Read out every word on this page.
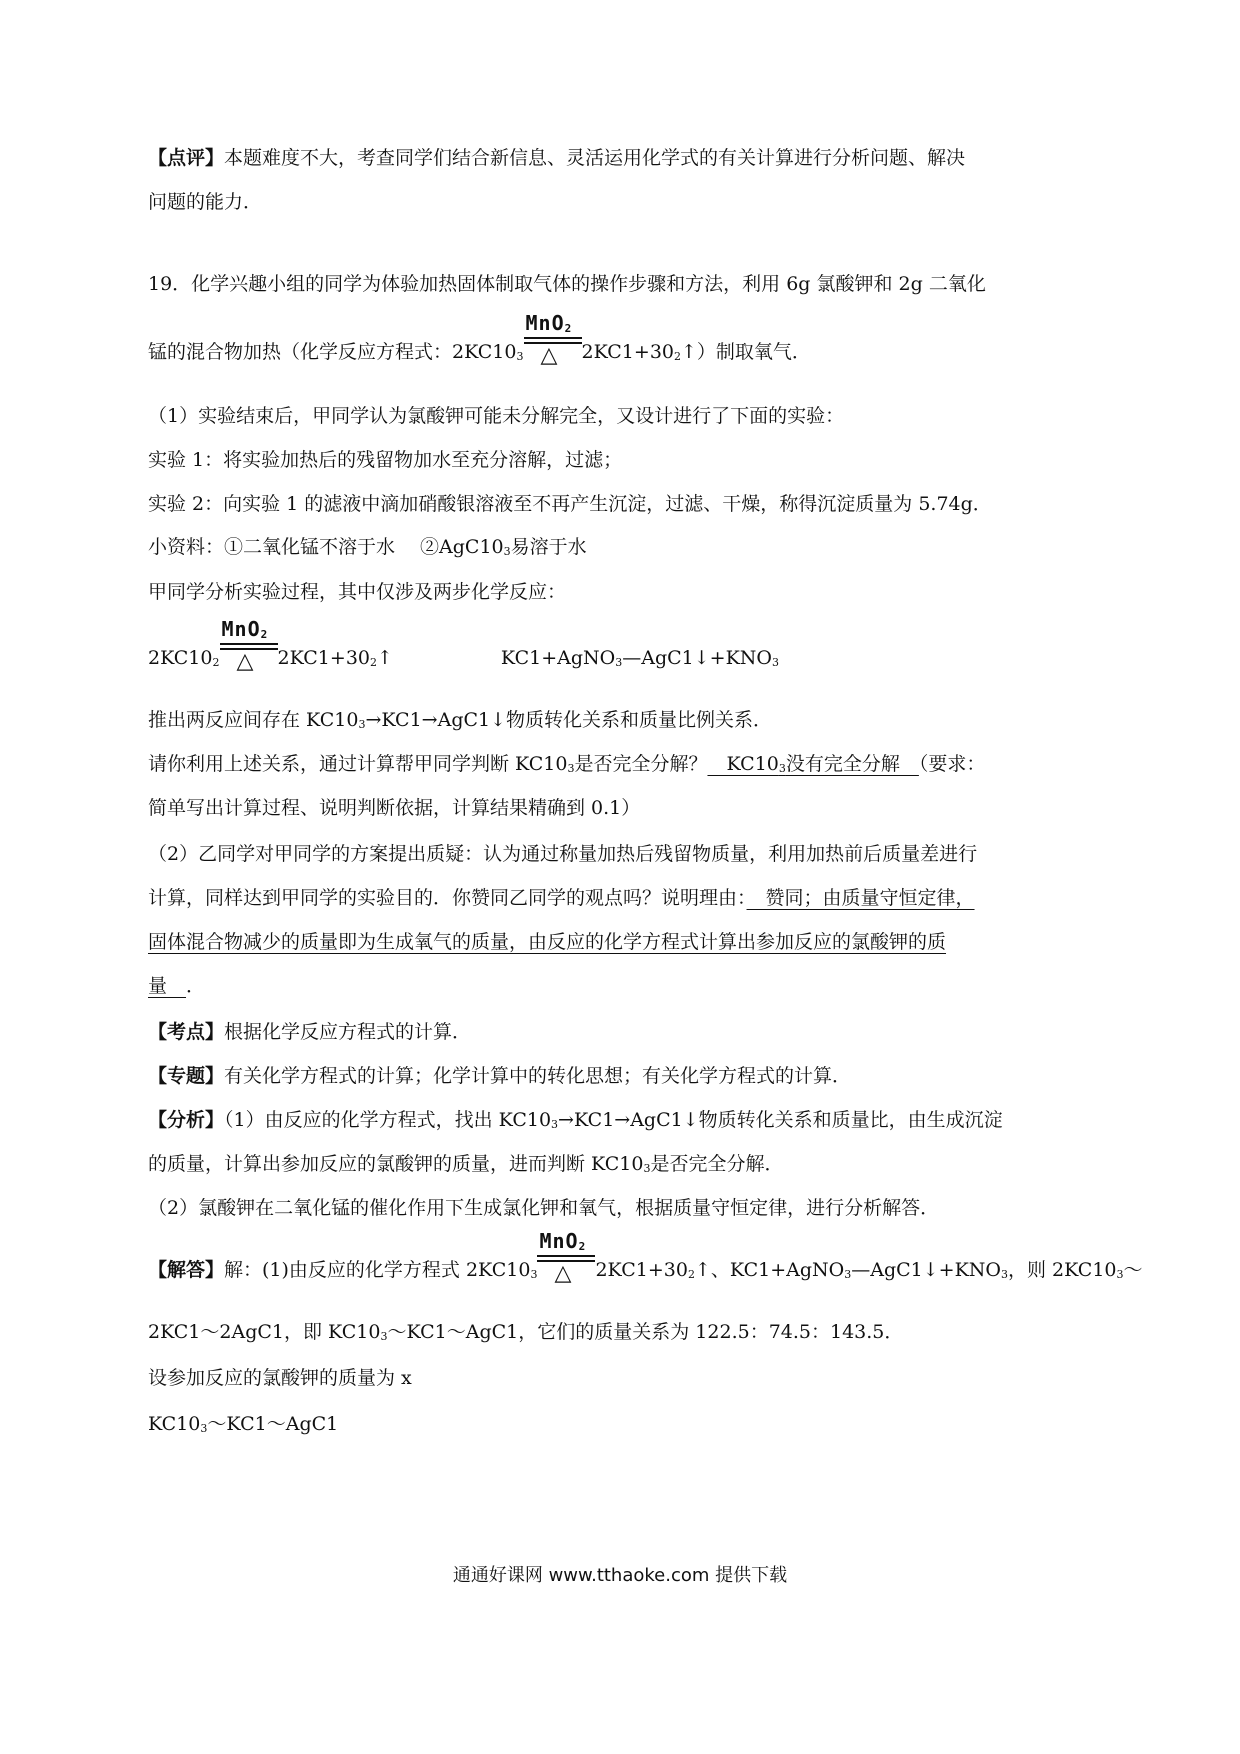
【点评】本题难度不大，考查同学们结合新信息、灵活运用化学式的有关计算进行分析问题、解决
问题的能力．
19．化学兴趣小组的同学为体验加热固体制取气体的操作步骤和方法，利用 6g 氯酸钾和 2g 二氧化
锰的混合物加热（化学反应方程式：$2KC10_3$
MnO$_2$
△ $2KC1+30_2↑$）制取氧气．
（1）实验结束后，甲同学认为氯酸钾可能未分解完全，又设计进行了下面的实验：
实验 1：将实验加热后的残留物加水至充分溶解，过滤；
实验 2：向实验 1 的滤液中滴加硝酸银溶液至不再产生沉淀，过滤、干燥，称得沉淀质量为 5.74g．
小资料：①二氧化锰不溶于水　 $②AgC10_3$易溶于水
甲同学分析实验过程，其中仅涉及两步化学反应：
$2KC10_2$
MnO$_2$
△ $2KC1+30_2↑$	$KC1+AgNO_3—AgC1↓+KNO_3$
推出两反应间存在 $KC10_3\to KC1\to AgC1↓$物质转化关系和质量比例关系．
请你利用上述关系，通过计算帮甲同学判断 $KC10_3$是否完全分解？　$KC10_3$没有完全分解　（要求：
简单写出计算过程、说明判断依据，计算结果精确到 0.1）
（2）乙同学对甲同学的方案提出质疑：认为通过称量加热后残留物质量，利用加热前后质量差进行
计算，同样达到甲同学的实验目的．你赞同乙同学的观点吗？说明理由：　赞同；由质量守恒定律，
固体混合物减少的质量即为生成氧气的质量，由反应的化学方程式计算出参加反应的氯酸钾的质
量　．
【考点】根据化学反应方程式的计算．
【专题】有关化学方程式的计算；化学计算中的转化思想；有关化学方程式的计算．
【分析】（1）由反应的化学方程式，找出 $KC10_3\to KC1\to AgC1↓$物质转化关系和质量比，由生成沉淀
的质量，计算出参加反应的氯酸钾的质量，进而判断 $KC10_3$是否完全分解．
（2）氯酸钾在二氧化锰的催化作用下生成氯化钾和氧气，根据质量守恒定律，进行分析解答．
【解答】解：(1)由反应的化学方程式 $2KC10_3$
MnO$_2$
△ $2KC1+30_2↑$、$KC1+AgNO_3—AgC1↓+KNO_3$，则 $2KC10_3\sim$
2KC1～2AgC1，即 $KC10_3\sim KC1\sim AgC1$，它们的质量关系为 122.5：74.5：143.5．
设参加反应的氯酸钾的质量为 x
$KC10_3\sim KC1\sim AgC1$
通通好课网 www.tthaoke.com 提供下载
